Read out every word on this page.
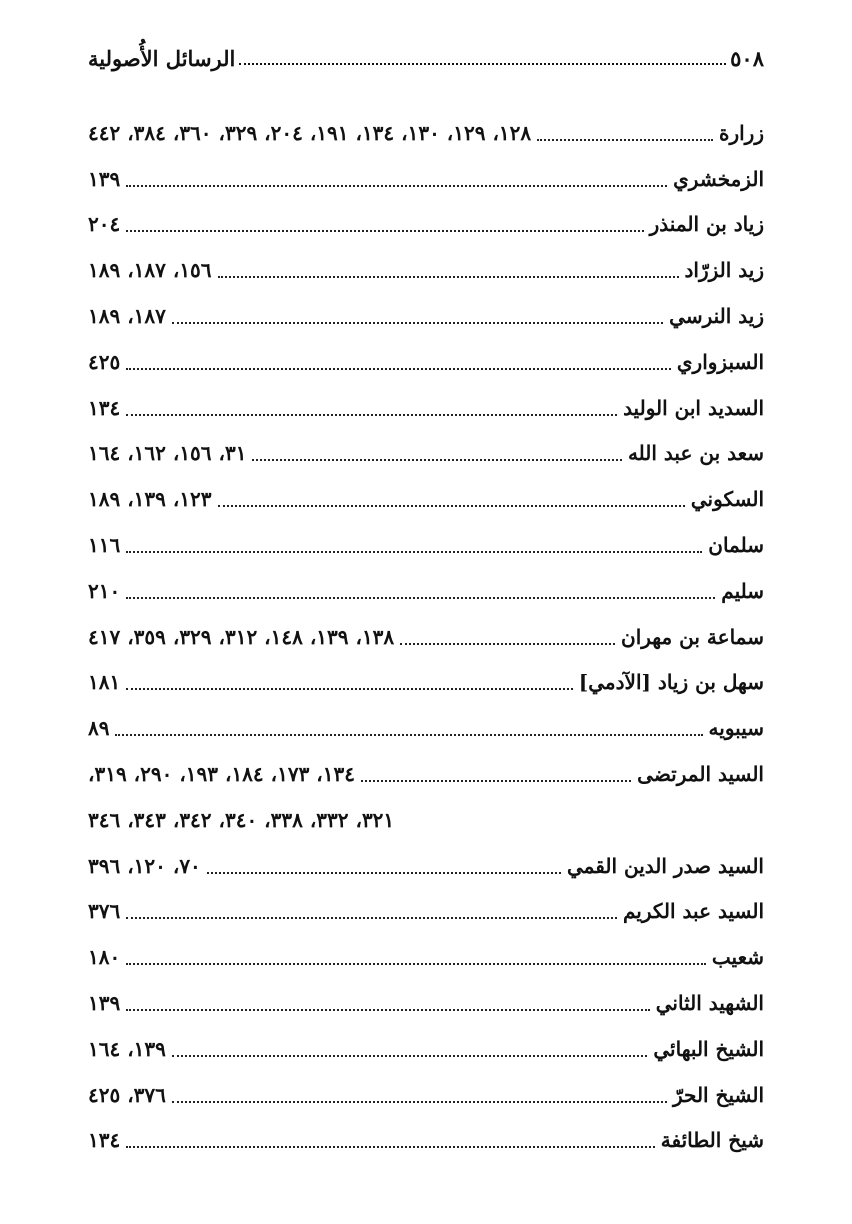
٥٠٨
الرسائل الأُصولية
زرارة
١٢٨، ١٢٩، ١٣٠، ١٣٤، ١٩١، ٢٠٤، ٣٢٩، ٣٦٠، ٣٨٤، ٤٤٢
الزمخشري
١٣٩
زياد بن المنذر
٢٠٤
زيد الزرّاد
١٥٦، ١٨٧، ١٨٩
زيد النرسي
١٨٧، ١٨٩
السبزواري
٤٢٥
السديد ابن الوليد
١٣٤
سعد بن عبد الله
٣١، ١٥٦، ١٦٢، ١٦٤
السكوني
١٢٣، ١٣٩، ١٨٩
سلمان
١١٦
سليم
٢١٠
سماعة بن مهران
١٣٨، ١٣٩، ١٤٨، ٣١٢، ٣٢٩، ٣٥٩، ٤١٧
سهل بن زياد [الآدمي]
١٨١
سيبويه
٨٩
السيد المرتضى
١٣٤، ١٧٣، ١٨٤، ١٩٣، ٢٩٠، ٣١٩،
٣٢١، ٣٣٢، ٣٣٨، ٣٤٠، ٣٤٢، ٣٤٣، ٣٤٦
السيد صدر الدين القمي
٧٠، ١٢٠، ٣٩٦
السيد عبد الكريم
٣٧٦
شعيب
١٨٠
الشهيد الثاني
١٣٩
الشيخ البهائي
١٣٩، ١٦٤
الشيخ الحرّ
٣٧٦، ٤٢٥
شيخ الطائفة
١٣٤
